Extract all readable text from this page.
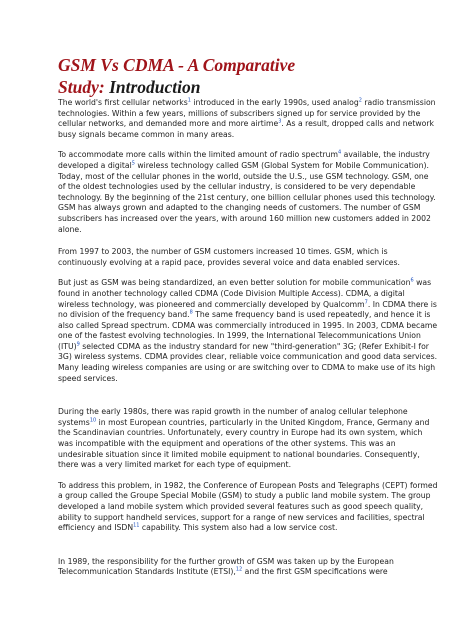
GSM Vs CDMA - A Comparative
Study: Introduction

The world's first cellular networks$^1$ introduced in the early 1990s, used analog$^2$ radio transmission technologies. Within a few years, millions of subscribers signed up for service provided by the cellular networks, and demanded more and more airtime$^3$. As a result, dropped calls and network busy signals became common in many areas.

To accommodate more calls within the limited amount of radio spectrum$^4$ available, the industry developed a digital$^5$ wireless technology called GSM (Global System for Mobile Communication). Today, most of the cellular phones in the world, outside the U.S., use GSM technology. GSM, one of the oldest technologies used by the cellular industry, is considered to be very dependable technology. By the beginning of the 21st century, one billion cellular phones used this technology. GSM has always grown and adapted to the changing needs of customers. The number of GSM subscribers has increased over the years, with around 160 million new customers added in 2002 alone.

From 1997 to 2003, the number of GSM customers increased 10 times. GSM, which is continuously evolving at a rapid pace, provides several voice and data enabled services.

But just as GSM was being standardized, an even better solution for mobile communication$^6$ was found in another technology called CDMA (Code Division Multiple Access). CDMA, a digital wireless technology, was pioneered and commercially developed by Qualcomm$^7$. In CDMA there is no division of the frequency band.$^8$ The same frequency band is used repeatedly, and hence it is also called Spread spectrum. CDMA was commercially introduced in 1995. In 2003, CDMA became one of the fastest evolving technologies. In 1999, the International Telecommunications Union (ITU)$^9$ selected CDMA as the industry standard for new "third-generation" 3G; (Refer Exhibit-I for 3G) wireless systems. CDMA provides clear, reliable voice communication and good data services. Many leading wireless companies are using or are switching over to CDMA to make use of its high speed services.

During the early 1980s, there was rapid growth in the number of analog cellular telephone systems$^{10}$ in most European countries, particularly in the United Kingdom, France, Germany and the Scandinavian countries. Unfortunately, every country in Europe had its own system, which was incompatible with the equipment and operations of the other systems. This was an undesirable situation since it limited mobile equipment to national boundaries. Consequently, there was a very limited market for each type of equipment.

To address this problem, in 1982, the Conference of European Posts and Telegraphs (CEPT) formed a group called the Groupe Special Mobile (GSM) to study a public land mobile system. The group developed a land mobile system which provided several features such as good speech quality, ability to support handheld services, support for a range of new services and facilities, spectral efficiency and ISDN$^{11}$ capability. This system also had a low service cost.

In 1989, the responsibility for the further growth of GSM was taken up by the European Telecommunication Standards Institute (ETSI),$^{12}$ and the first GSM specifications were
